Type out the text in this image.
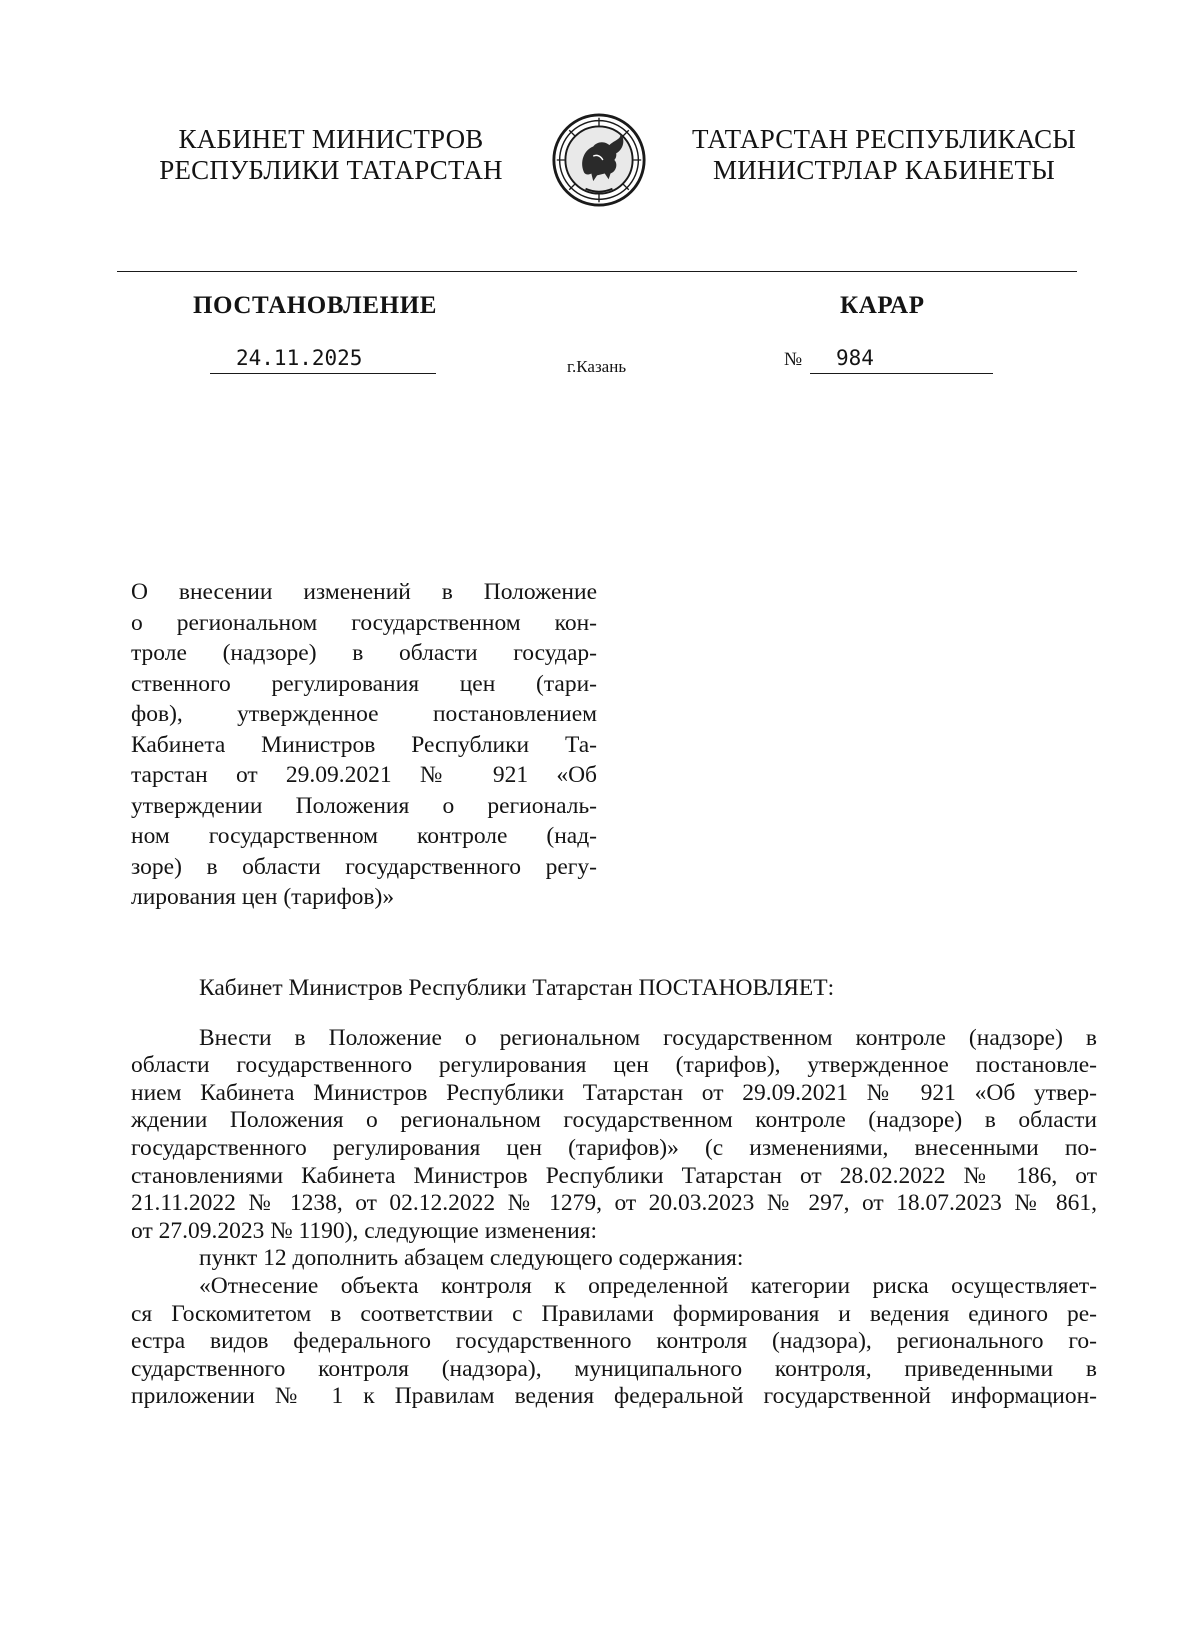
КАБИНЕТ МИНИСТРОВ
РЕСПУБЛИКИ ТАТАРСТАН
ТАТАРСТАН РЕСПУБЛИКАСЫ
МИНИСТРЛАР КАБИНЕТЫ
ПОСТАНОВЛЕНИЕ	КАРАР
24.11.2025	г.Казань	№ 984
О внесении изменений в Положение
о региональном государственном кон-
троле (надзоре) в области государ-
ственного регулирования цен (тари-
фов), утвержденное постановлением
Кабинета Министров Республики Та-
тарстан от 29.09.2021 № 921 «Об
утверждении Положения о региональ-
ном государственном контроле (над-
зоре) в области государственного регу-
лирования цен (тарифов)»
Кабинет Министров Республики Татарстан ПОСТАНОВЛЯЕТ:
Внести в Положение о региональном государственном контроле (надзоре) в
области государственного регулирования цен (тарифов), утвержденное постановле-
нием Кабинета Министров Республики Татарстан от 29.09.2021 № 921 «Об утвер-
ждении Положения о региональном государственном контроле (надзоре) в области
государственного регулирования цен (тарифов)» (с изменениями, внесенными по-
становлениями Кабинета Министров Республики Татарстан от 28.02.2022 № 186, от
21.11.2022 № 1238, от 02.12.2022 № 1279, от 20.03.2023 № 297, от 18.07.2023 № 861,
от 27.09.2023 № 1190), следующие изменения:
пункт 12 дополнить абзацем следующего содержания:
«Отнесение объекта контроля к определенной категории риска осуществляет-
ся Госкомитетом в соответствии с Правилами формирования и ведения единого ре-
естра видов федерального государственного контроля (надзора), регионального го-
сударственного контроля (надзора), муниципального контроля, приведенными в
приложении № 1 к Правилам ведения федеральной государственной информацион-
